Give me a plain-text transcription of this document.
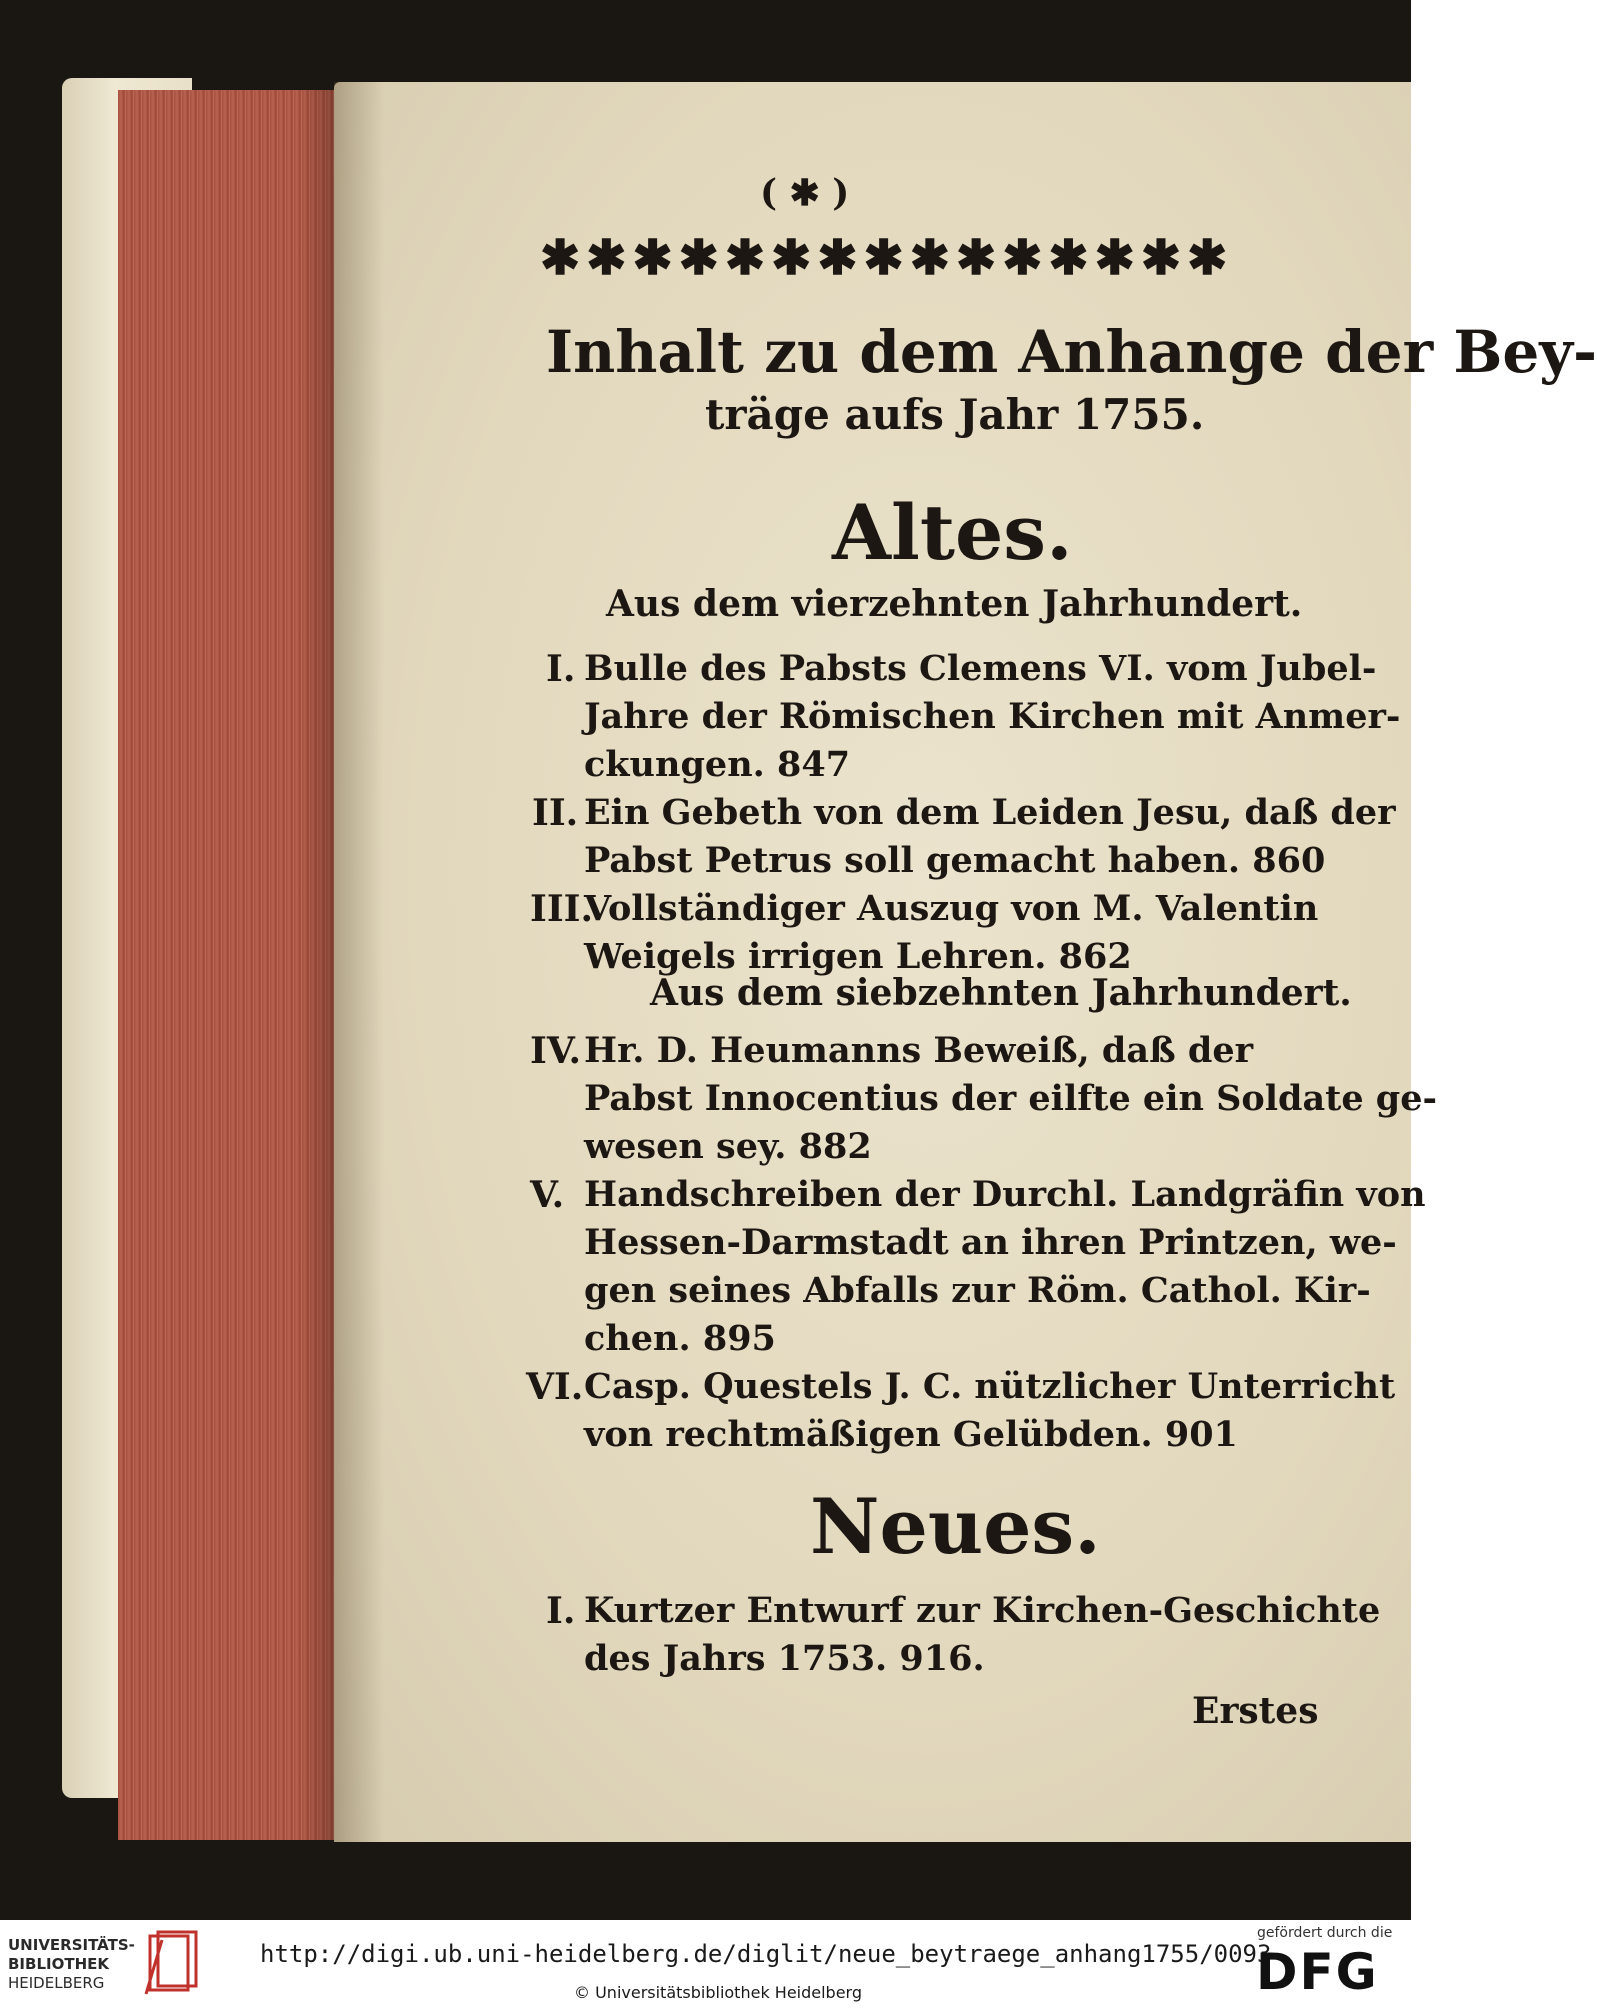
( ✱ )
✱✱✱✱✱✱✱✱✱✱✱✱✱✱✱
Inhalt zu dem Anhange der Bey-
träge aufs Jahr 1755.
Altes.
Aus dem vierzehnten Jahrhundert.
I. Bulle des Pabsts Clemens VI. vom Jubel-
Jahre der Römischen Kirchen mit Anmer-
ckungen. 847
II. Ein Gebeth von dem Leiden Jesu, daß der
Pabst Petrus soll gemacht haben. 860
III.
Vollständiger Auszug von M. Valentin
Weigels irrigen Lehren. 862
Aus dem siebzehnten Jahrhundert.
IV. Hr. D. Heumanns Beweiß, daß der
Pabst Innocentius der eilfte ein Soldate ge-
wesen sey. 882
V. Handschreiben der Durchl. Landgräfin von
Hessen-Darmstadt an ihren Printzen, we-
gen seines Abfalls zur Röm. Cathol. Kir-
chen. 895
VI. Casp. Questels J. C. nützlicher Unterricht
von rechtmäßigen Gelübden. 901
Neues.
I. Kurtzer Entwurf zur Kirchen-Geschichte
des Jahrs 1753. 916.
Erstes
UNIVERSITÄTS-
BIBLIOTHEK
HEIDELBERG
http://digi.ub.uni-heidelberg.de/diglit/neue_beytraege_anhang1755/0093
© Universitätsbibliothek Heidelberg
gefördert durch die
DFG
